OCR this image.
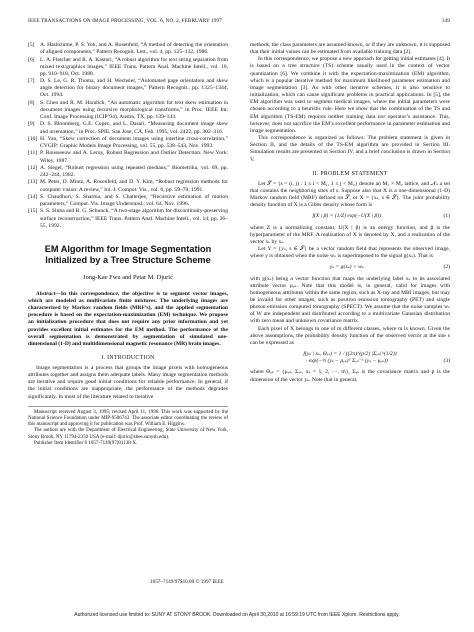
IEEE TRANSACTIONS ON IMAGE PROCESSING, VOL. 6, NO. 2, FEBRUARY 1997	349
[5] A. Hashizume, P. S. Yeh, and A. Rosenfeld, “A method of detecting the orientation of aligned components,” Pattern Recognit. Lett., vol. 4, pp. 125–132, 1986.
[6] L. A. Fletcher and R. A. Kasturi, “A robust algorithm for text string separation from mixed text/graphics images,” IEEE Trans. Pattern Anal. Machine Intell., vol. 10, pp. 910–918, Oct. 1988.
[7] D. S. Le, G. R. Thoma, and H. Wechsler, “Automated page orientation and skew angle detection for binary document images,” Pattern Recognit., pp. 1325–1344, Oct. 1994.
[8] S. Chen and R. M. Haralick, “An automatic algorithm for text skew estimation in document images using recursive morphological transforms,” in Proc. IEEE Int. Conf. Image Processing (ICIP’94), Austin, TX, pp. 139–143.
[9] D. S. Bloomberg, G.E. Copec, and L. Dasari, “Measuring document image skew and orientation,” in Proc. SPIE, San Jose, CA, Feb. 1995, vol. 2422, pp. 302–316.
[10] H. Yan, “Skew correction of document images using interline cross-correlation,” CVGIP: Graphic Models Image Processing, vol. 55, pp. 538–543, Nov. 1993.
[11] P. Rousseeuw and A. Leroy, Robust Regression and Outlier Detection. New York: Wiley, 1987.
[12] A. Siegel, “Robust regression using repeated medians,” Biometrika, vol. 69, pp. 242–244, 1982.
[13] M. Peter, D. Mintz, A. Rosenfeld, and D. Y. Kim, “Robust regression methods for computer vision: A review,” Int. J. Comput. Vis., vol. 6, pp. 59–70, 1991.
[14] S. Chaudhuri, S. Sharma, and S. Chatterjee, “Recursive estimation of motion parameters,” Comput. Vis. Image Understand., vol. 64, Nov. 1996.
[15] S. S. Sinha and B. G. Schunck, “A two-stage algorithm for discontinuity-preserving surface reconstruction,” IEEE Trans. Pattern Anal. Machine Intell., vol. 14, pp. 36–55, 1992.
EM Algorithm for Image Segmentation Initialized by a Tree Structure Scheme
Jong-Kae Fwu and Petar M. Djurić
Abstract—In this correspondence, the objective is to segment vector images, which are modeled as multivariate finite mixtures. The underlying images are characterized by Markov random fields (MRF’s), and the applied segmentation procedure is based on the expectation-maximization (EM) technique. We propose an initialization procedure that does not require any prior information and yet provides excellent initial estimates for the EM method. The performance of the overall segmentation is demonstrated by segmentation of simulated one-dimensional (1-D) and multidimensional magnetic resonance (MR) brain images.
I. INTRODUCTION
Image segmentation is a process that groups the image pixels with homogeneous attributes together and assigns them adequate labels. Many image segmentation methods are iterative and require good initial conditions for reliable performance. In general, if the initial conditions are inappropriate, the performance of the methods degrades significantly. In most of the literature related to iterative

Manuscript received August 3, 1995; revised April 11, 1996. This work was supported by the National Science Foundation under MIP-9506743. The associate editor coordinating the review of this manuscript and approving it for publication was Prof. William E. Higgins.

The authors are with the Department of Electrical Engineering, State University of New York, Stony Brook, NY 11794-2350 USA (e-mail: djuric@sbee.sunysb.edu).

Publisher Item Identifier S 1057-7149(97)01138-X.

methods, the class parameters are assumed known, or if they are unknown, it is supposed that their initial values can be estimated from available training data [2].
In this correspondence, we propose a new approach for getting initial estimates [4]. It is based on a tree structure (TS) scheme usually used in the context of vector quantization [6]. We combine it with the expectation-maximization (EM) algorithm, which is a popular iterative method for maximum likelihood parameter estimation and image segmentation [3]. As with other iterative schemes, it is also sensitive to initialization, which can cause significant problems in practical applications. In [5], the EM algorithm was used to segment medical images, where the initial parameters were chosen according to a heuristic rule. Here we show that the combination of the TS and EM algorithm (TS-EM) requires neither training data nor operator’s assistance. This, however, does not sacrifice the EM’s excellent performance in parameter estimation and image segmentation.
This correspondence is organized as follows: The problem statement is given in Section II, and the details of the TS-EM algorithm are provided in Section III. Simulation results are presented in Section IV, and a brief conclusion is drawn in Section V.
II. PROBLEM STATEMENT
Let 𝒮 = {s = (i, j) : 1 ≤ i < M₁, 1 ≤ j < M₂} denote an M₁ × M₂ lattice, and 𝒩ₛ a set that contains the neighboring sites of s. Suppose also that X is a one-dimensional (1-D) Markov random field (MRF) defined on 𝒮, or X = {xₛ, s ∈ 𝒮}. The joint probability density function of X is a Gibbs density whose form is
f(X | β) = (1/Z) exp(−U(X | β))	(1)
where Z is a normalizing constant, U(X | β) is an energy function, and β is the hyperparameter of the MRF. A realization of X is denoted by X, and a realization of the vector xₛ by xₛ.
Let Y = {yₛ, s ∈ 𝒮} be a vector random field that represents the observed image, where y is obtained when the noise wₛ is superimposed to the signal g(xₛ). That is
yₛ = g(xₛ) + wₛ	(2)
with g(xₛ) being a vector function that maps the underlying label xₛ to its associated attribute vector μₓₛ. Note that this model is, in general, valid for images with homogeneous attributes within the same region, such as X-ray and MRI images, but may be invalid for other images, such as positron emission tomography (PET) and single photon emission computed tomography (SPECT). We assume that the noise samples wₛ of W are independent and distributed according to a multivariate Gaussian distribution with zero mean and unknown covariance matrix.
Each pixel of X belongs to one of m different classes, where m is known. Given the above assumptions, the probability density function of the observed vector at the site s can be expressed as
f(yₛ | xₛ, Θₓₛ) = 1 / ((2π)^(p/2) |Σₓₛ|^(1/2))
· exp(−½ (yₛ − μₓₛ)ᵀ Σₓₛ⁻¹ (yₛ − μₓₛ))	(3)
where Θₓₛ = {μₓₛ, Σₓₛ, xₛ = 1, 2, ···, m}, Σₓₛ is the covariance matrix and p is the dimension of the vector yₛ. Note that in general,
1057–7149/97$10.00 © 1997 IEEE
Authorized licensed use limited to: SUNY AT STONY BROOK. Downloaded on April 30,2010 at 16:59:19 UTC from IEEE Xplore. Restrictions apply.
